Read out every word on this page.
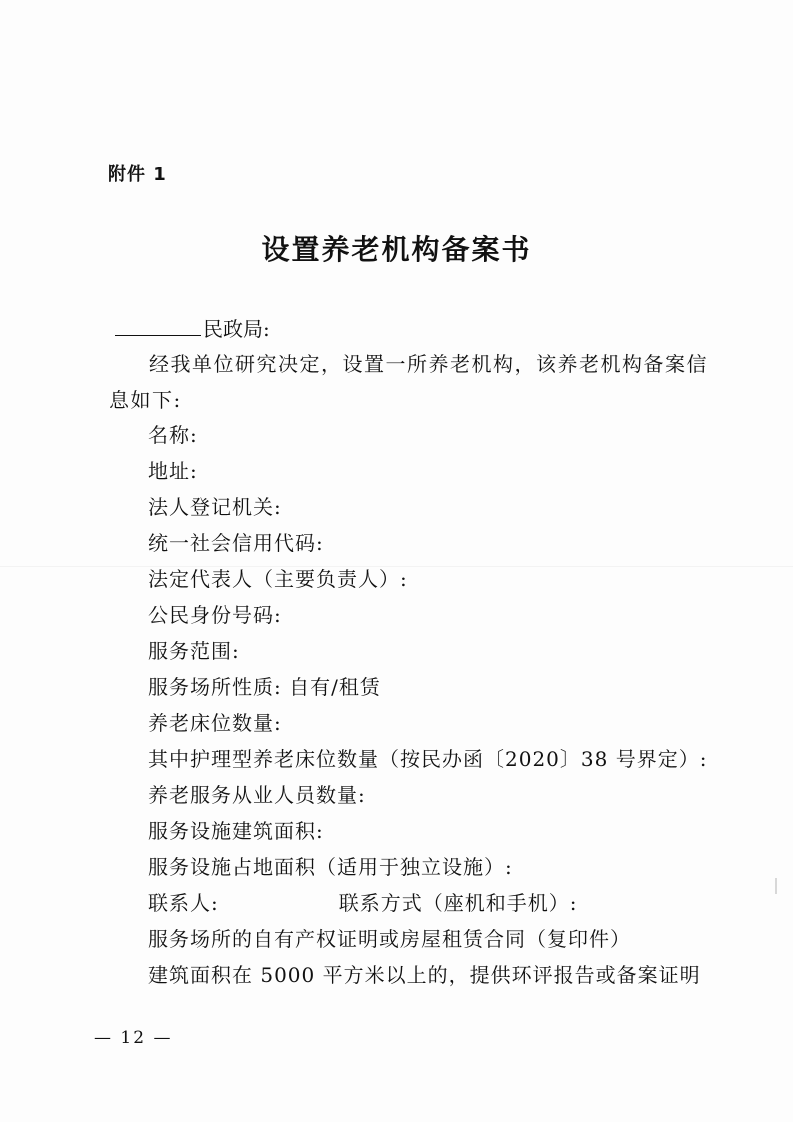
附件 1
设置养老机构备案书
民政局:
经我单位研究决定，设置一所养老机构，该养老机构备案信息如下:
名称:
地址:
法人登记机关:
统一社会信用代码:
法定代表人（主要负责人）:
公民身份号码:
服务范围:
服务场所性质: 自有/租赁
养老床位数量:
其中护理型养老床位数量（按民办函〔2020〕38 号界定）:
养老服务从业人员数量:
服务设施建筑面积:
服务设施占地面积（适用于独立设施）:
联系人:	联系方式（座机和手机）:
服务场所的自有产权证明或房屋租赁合同（复印件）
建筑面积在 5000 平方米以上的，提供环评报告或备案证明
— 12 —
